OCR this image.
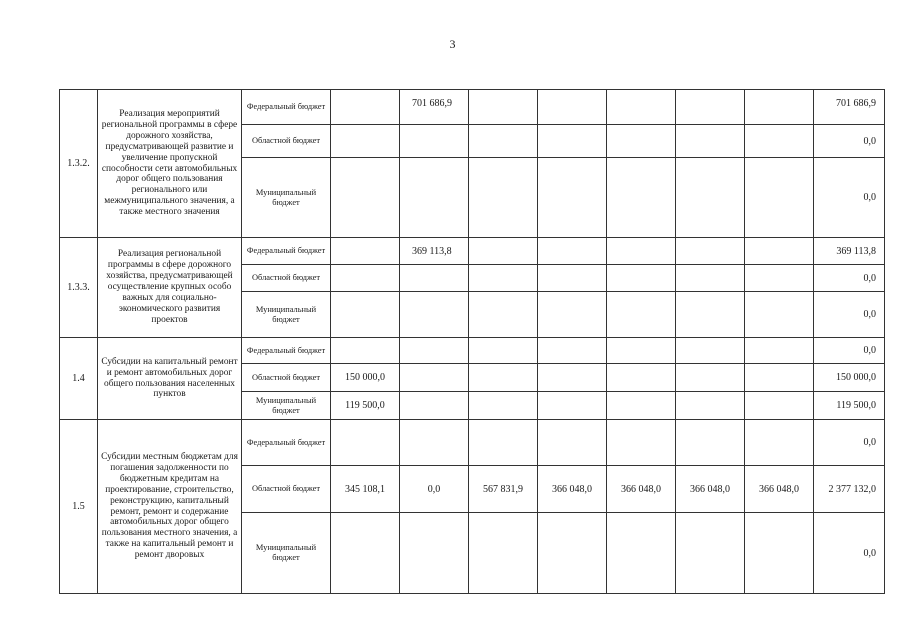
3
1.3.2.	Реализация мероприятий региональной программы в сфере дорожного хозяйства, предусматривающей развитие и увеличение пропускной способности сети автомобильных дорог общего пользования регионального или межмуниципального значения, а также местного значения	Федеральный бюджет		701 686,9						701 686,9
		Областной бюджет								0,0
		Муниципальный бюджет								0,0
1.3.3.	Реализация региональной программы в сфере дорожного хозяйства, предусматривающей осуществление крупных особо важных для социально-экономического развития проектов	Федеральный бюджет		369 113,8						369 113,8
		Областной бюджет								0,0
		Муниципальный бюджет								0,0
1.4	Субсидии на капитальный ремонт и ремонт автомобильных дорог общего пользования населенных пунктов	Федеральный бюджет								0,0
		Областной бюджет	150 000,0							150 000,0
		Муниципальный бюджет	119 500,0							119 500,0
1.5	Субсидии местным бюджетам для погашения задолженности по бюджетным кредитам на проектирование, строительство, реконструкцию, капитальный ремонт, ремонт и содержание автомобильных дорог общего пользования местного значения, а также на капитальный ремонт и ремонт дворовых	Федеральный бюджет								0,0
		Областной бюджет	345 108,1	0,0	567 831,9	366 048,0	366 048,0	366 048,0	366 048,0	2 377 132,0
		Муниципальный бюджет								0,0
